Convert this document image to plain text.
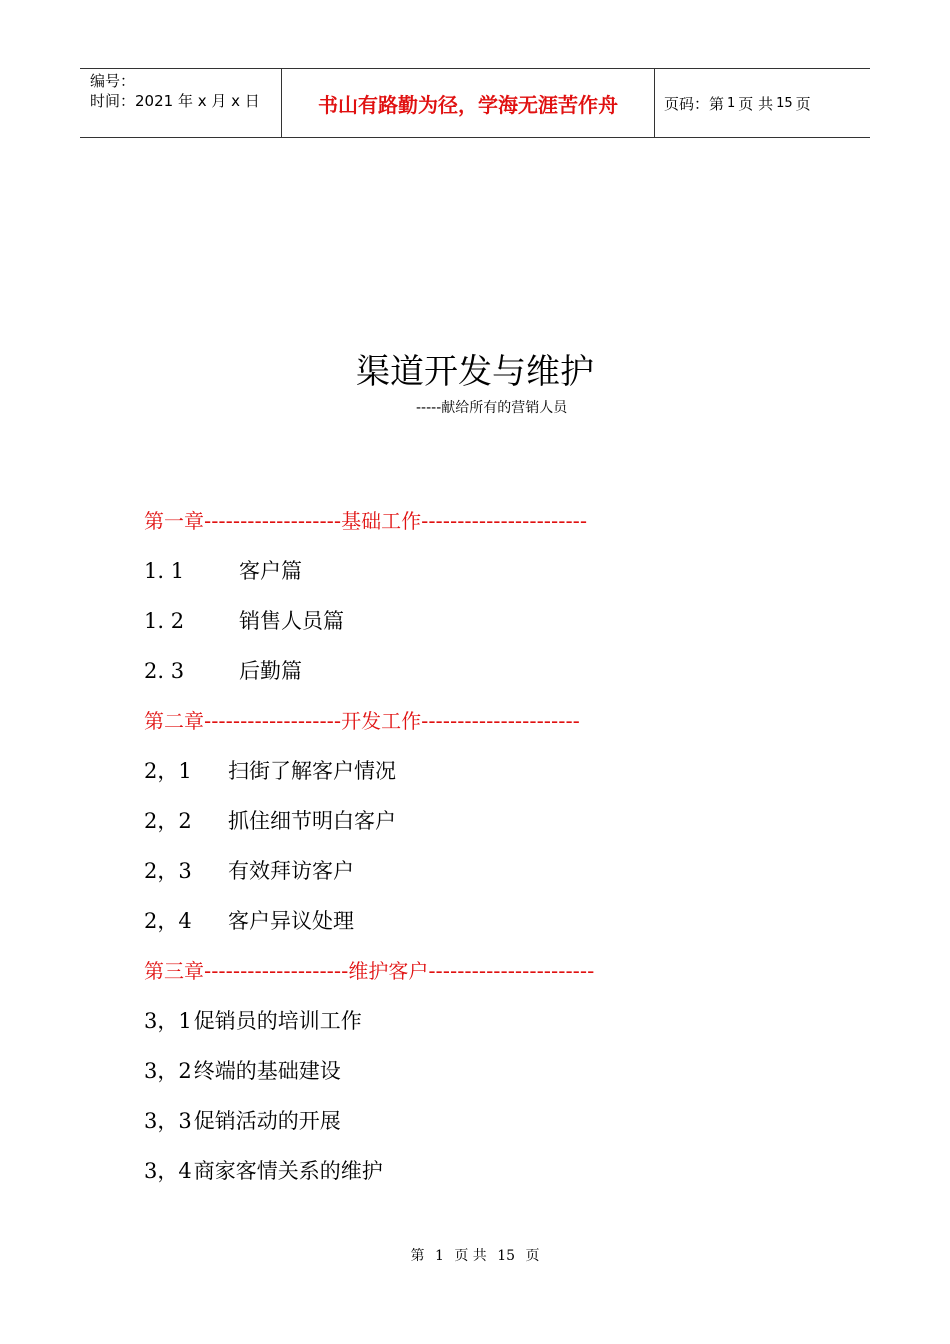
编号：
时间：2021 年 x 月 x 日	书山有路勤为径，学海无涯苦作舟	页码：第 1 页 共 15 页
渠道开发与维护
-----献给所有的营销人员
第一章-------------------基础工作-----------------------
1. 1	客户篇
1. 2	销售人员篇
2. 3	后勤篇
第二章-------------------开发工作----------------------
2，1 扫街了解客户情况
2，2 抓住细节明白客户
2，3 有效拜访客户
2，4 客户异议处理
第三章--------------------维护客户-----------------------
3，1促销员的培训工作
3，2终端的基础建设
3，3促销活动的开展
3，4商家客情关系的维护
第 1 页 共 15 页
